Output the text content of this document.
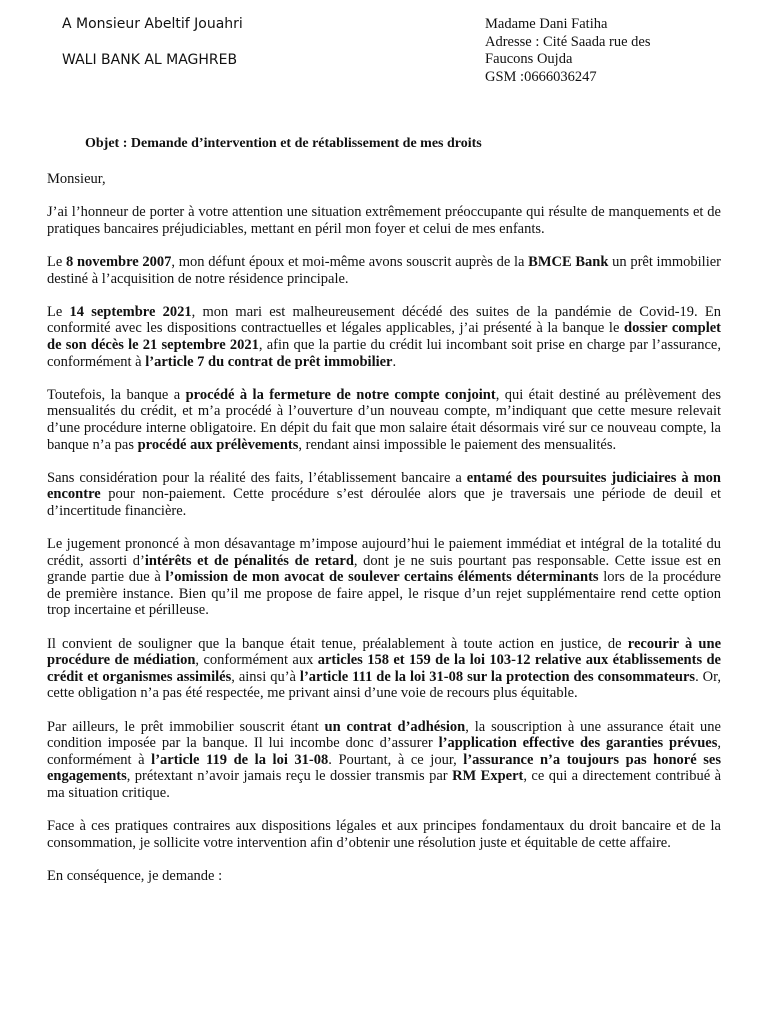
A Monsieur Abeltif Jouahri
WALI BANK AL MAGHREB
Madame Dani Fatiha
Adresse : Cité Saada rue des
Faucons Oujda
GSM :0666036247
Objet : Demande d’intervention et de rétablissement de mes droits

Monsieur,

J’ai l’honneur de porter à votre attention une situation extrêmement préoccupante qui résulte de manquements et de pratiques bancaires préjudiciables, mettant en péril mon foyer et celui de mes enfants.

Le 8 novembre 2007, mon défunt époux et moi-même avons souscrit auprès de la BMCE Bank un prêt immobilier destiné à l’acquisition de notre résidence principale.

Le 14 septembre 2021, mon mari est malheureusement décédé des suites de la pandémie de Covid-19. En conformité avec les dispositions contractuelles et légales applicables, j’ai présenté à la banque le dossier complet de son décès le 21 septembre 2021, afin que la partie du crédit lui incombant soit prise en charge par l’assurance, conformément à l’article 7 du contrat de prêt immobilier.

Toutefois, la banque a procédé à la fermeture de notre compte conjoint, qui était destiné au prélèvement des mensualités du crédit, et m’a procédé à l’ouverture d’un nouveau compte, m’indiquant que cette mesure relevait d’une procédure interne obligatoire. En dépit du fait que mon salaire était désormais viré sur ce nouveau compte, la banque n’a pas procédé aux prélèvements, rendant ainsi impossible le paiement des mensualités.

Sans considération pour la réalité des faits, l’établissement bancaire a entamé des poursuites judiciaires à mon encontre pour non-paiement. Cette procédure s’est déroulée alors que je traversais une période de deuil et d’incertitude financière.

Le jugement prononcé à mon désavantage m’impose aujourd’hui le paiement immédiat et intégral de la totalité du crédit, assorti d’intérêts et de pénalités de retard, dont je ne suis pourtant pas responsable. Cette issue est en grande partie due à l’omission de mon avocat de soulever certains éléments déterminants lors de la procédure de première instance. Bien qu’il me propose de faire appel, le risque d’un rejet supplémentaire rend cette option trop incertaine et périlleuse.

Il convient de souligner que la banque était tenue, préalablement à toute action en justice, de recourir à une procédure de médiation, conformément aux articles 158 et 159 de la loi 103-12 relative aux établissements de crédit et organismes assimilés, ainsi qu’à l’article 111 de la loi 31-08 sur la protection des consommateurs. Or, cette obligation n’a pas été respectée, me privant ainsi d’une voie de recours plus équitable.

Par ailleurs, le prêt immobilier souscrit étant un contrat d’adhésion, la souscription à une assurance était une condition imposée par la banque. Il lui incombe donc d’assurer l’application effective des garanties prévues, conformément à l’article 119 de la loi 31-08. Pourtant, à ce jour, l’assurance n’a toujours pas honoré ses engagements, prétextant n’avoir jamais reçu le dossier transmis par RM Expert, ce qui a directement contribué à ma situation critique.

Face à ces pratiques contraires aux dispositions légales et aux principes fondamentaux du droit bancaire et de la consommation, je sollicite votre intervention afin d’obtenir une résolution juste et équitable de cette affaire.

En conséquence, je demande :
